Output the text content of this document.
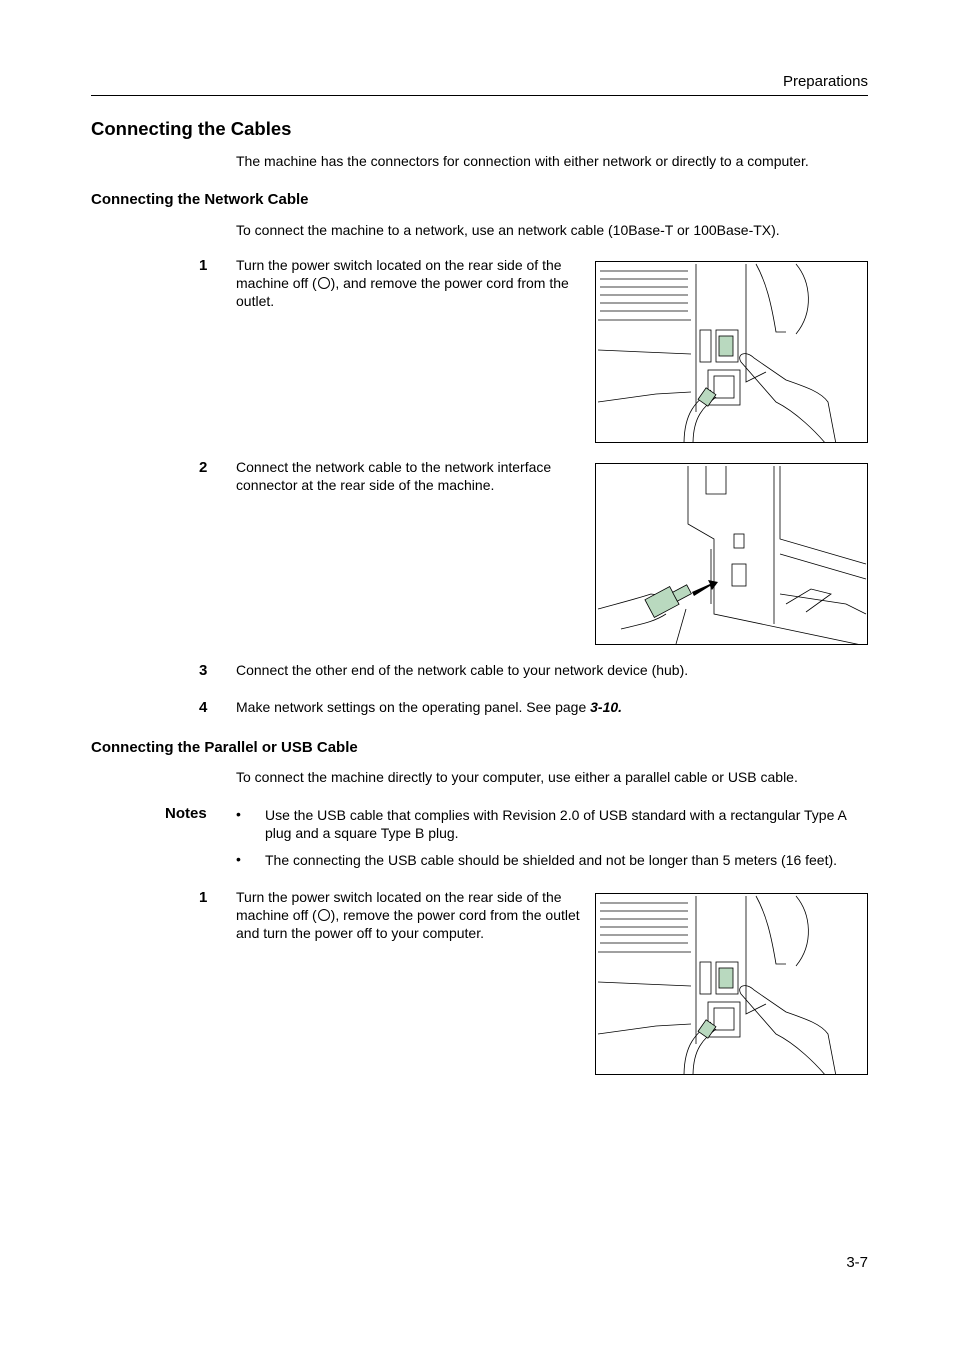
Preparations
Connecting the Cables
The machine has the connectors for connection with either network or directly to a computer.
Connecting the Network Cable
To connect the machine to a network, use an network cable (10Base-T or 100Base-TX).
1 Turn the power switch located on the rear side of the machine off ( ), and remove the power cord from the outlet.
2 Connect the network cable to the network interface connector at the rear side of the machine.
3 Connect the other end of the network cable to your network device (hub).
4 Make network settings on the operating panel. See page 3-10.
Connecting the Parallel or USB Cable
To connect the machine directly to your computer, use either a parallel cable or USB cable.
Notes • Use the USB cable that complies with Revision 2.0 of USB standard with a rectangular Type A plug and a square Type B plug.
• The connecting the USB cable should be shielded and not be longer than 5 meters (16 feet).
1 Turn the power switch located on the rear side of the machine off ( ), remove the power cord from the outlet and turn the power off to your computer.
3-7
